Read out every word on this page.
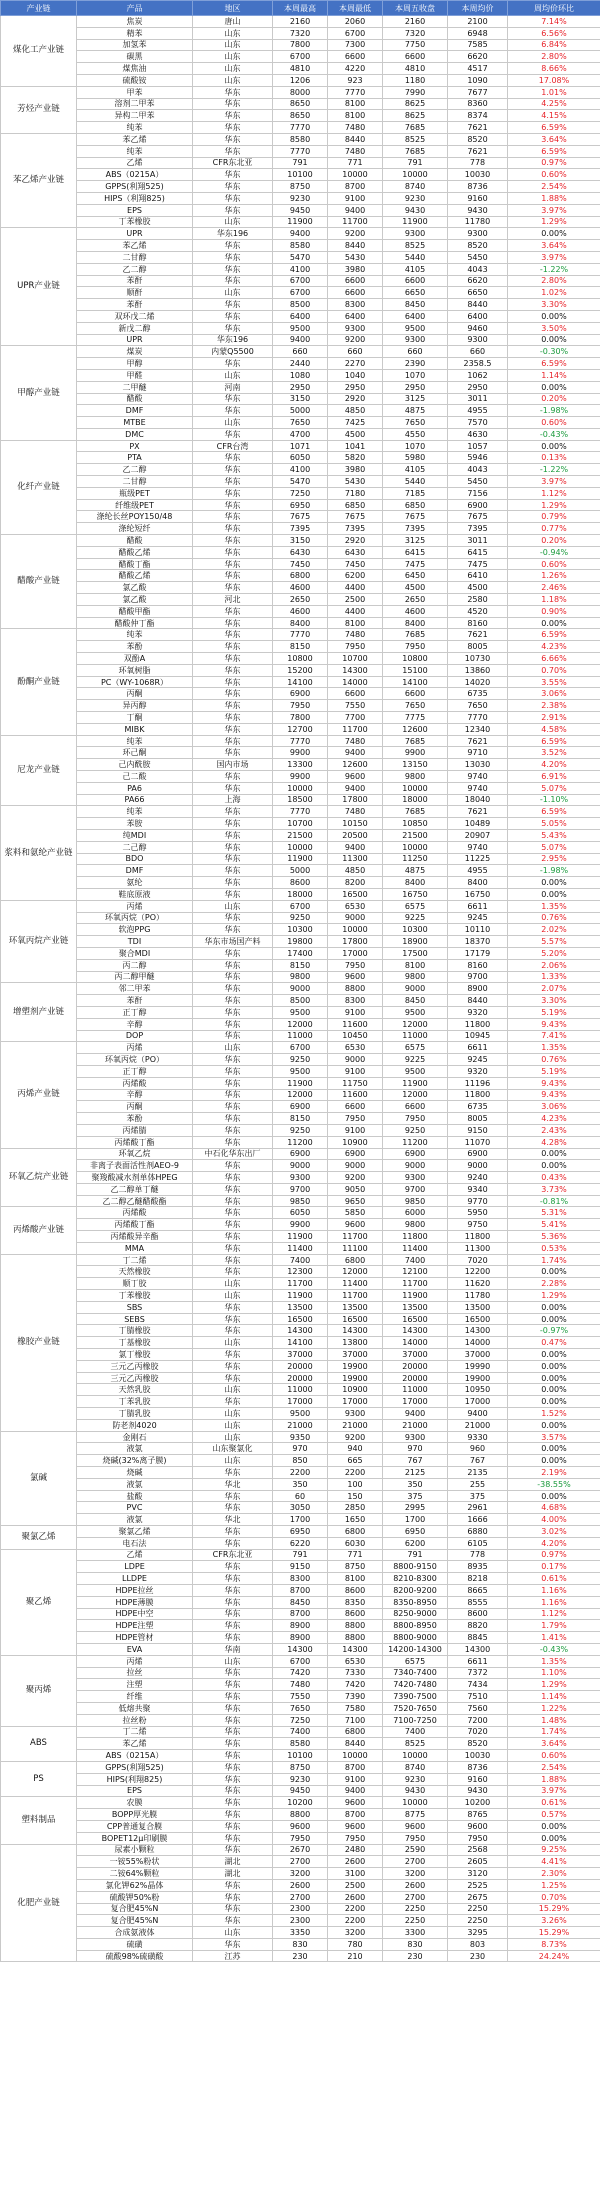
产业链	产品	地区	本周最高	本周最低	本周五收盘	本周均价	周均价环比
煤化工产业链	焦炭	唐山	2160	2060	2160	2100	7.14%
	精苯	山东	7320	6700	7320	6948	6.56%
	加氢苯	山东	7800	7300	7750	7585	6.84%
	碳黑	山东	6700	6600	6600	6620	2.80%
	煤焦油	山东	4810	4220	4810	4517	8.66%
	硫酸铵	山东	1206	923	1180	1090	17.08%
芳烃产业链	甲苯	华东	8000	7770	7990	7677	1.01%
	溶剂二甲苯	华东	8650	8100	8625	8360	4.25%
	异构二甲苯	华东	8650	8100	8625	8374	4.15%
	纯苯	华东	7770	7480	7685	7621	6.59%
苯乙烯产业链	苯乙烯	华东	8580	8440	8525	8520	3.64%
	纯苯	华东	7770	7480	7685	7621	6.59%
	乙烯	CFR东北亚	791	771	791	778	0.97%
	ABS（0215A）	华东	10100	10000	10000	10030	0.60%
	GPPS(利翔525)	华东	8750	8700	8740	8736	2.54%
	HIPS（利翔825)	华东	9230	9100	9230	9160	1.88%
	EPS	华东	9450	9400	9430	9430	3.97%
	丁苯橡胶	山东	11900	11700	11900	11780	1.29%
UPR产业链	UPR	华东196	9400	9200	9300	9300	0.00%
	苯乙烯	华东	8580	8440	8525	8520	3.64%
	二甘醇	华东	5470	5430	5440	5450	3.97%
	乙二醇	华东	4100	3980	4105	4043	-1.22%
	苯酐	华东	6700	6600	6600	6620	2.80%
	顺酐	山东	6700	6600	6650	6650	1.02%
	苯酐	华东	8500	8300	8450	8440	3.30%
	双环戊二烯	华东	6400	6400	6400	6400	0.00%
	新戊二醇	华东	9500	9300	9500	9460	3.50%
	UPR	华东196	9400	9200	9300	9300	0.00%
甲醇产业链	煤炭	内蒙Q5500	660	660	660	660	-0.30%
	甲醇	华东	2440	2270	2390	2358.5	6.59%
	甲醛	山东	1080	1040	1070	1062	1.14%
	二甲醚	河南	2950	2950	2950	2950	0.00%
	醋酸	华东	3150	2920	3125	3011	0.20%
	DMF	华东	5000	4850	4875	4955	-1.98%
	MTBE	山东	7650	7425	7650	7570	0.60%
	DMC	华东	4700	4500	4550	4630	-0.43%
化纤产业链	PX	CFR台湾	1071	1041	1070	1057	0.00%
	PTA	华东	6050	5820	5980	5946	0.13%
	乙二醇	华东	4100	3980	4105	4043	-1.22%
	二甘醇	华东	5470	5430	5440	5450	3.97%
	瓶级PET	华东	7250	7180	7185	7156	1.12%
	纤维级PET	华东	6950	6850	6850	6900	1.29%
	涤纶长丝POY150/48	华东	7675	7675	7675	7675	0.79%
	涤纶短纤	华东	7395	7395	7395	7395	0.77%
醋酸产业链	醋酸	华东	3150	2920	3125	3011	0.20%
	醋酸乙烯	华东	6430	6430	6415	6415	-0.94%
	醋酸丁酯	华东	7450	7450	7475	7475	0.60%
	醋酸乙烯	华东	6800	6200	6450	6410	1.26%
	氯乙酸	华东	4600	4400	4500	4500	2.46%
	氯乙酸	河北	2650	2500	2650	2580	1.18%
	醋酸甲酯	华东	4600	4400	4600	4520	0.90%
	醋酸仲丁酯	华东	8400	8100	8400	8160	0.00%
酚酮产业链	纯苯	华东	7770	7480	7685	7621	6.59%
	苯酚	华东	8150	7950	7950	8005	4.23%
	双酚A	华东	10800	10700	10800	10730	6.66%
	环氧树脂	华东	15200	14300	15100	13860	0.70%
	PC（WY-1068R）	华东	14100	14000	14100	14020	3.55%
	丙酮	华东	6900	6600	6600	6735	3.06%
	异丙醇	华东	7950	7550	7650	7650	2.38%
	丁酮	华东	7800	7700	7775	7770	2.91%
	MIBK	华东	12700	11700	12600	12340	4.58%
尼龙产业链	纯苯	华东	7770	7480	7685	7621	6.59%
	环己酮	华东	9900	9400	9900	9710	3.52%
	己内酰胺	国内市场	13300	12600	13150	13030	4.20%
	己二酸	华东	9900	9600	9800	9740	6.91%
	PA6	华东	10000	9400	10000	9740	5.07%
	PA66	上海	18500	17800	18000	18040	-1.10%
浆料和氨纶产业链	纯苯	华东	7770	7480	7685	7621	6.59%
	苯胺	华东	10700	10150	10850	10489	5.05%
	纯MDI	华东	21500	20500	21500	20907	5.43%
	二己醇	华东	10000	9400	10000	9740	5.07%
	BDO	华东	11900	11300	11250	11225	2.95%
	DMF	华东	5000	4850	4875	4955	-1.98%
	氨纶	华东	8600	8200	8400	8400	0.00%
	鞋底原液	华东	18000	16500	16750	16750	0.00%
环氧丙烷产业链	丙烯	山东	6700	6530	6575	6611	1.35%
	环氧丙烷（PO）	华东	9250	9000	9225	9245	0.76%
	软泡PPG	华东	10300	10000	10300	10110	2.02%
	TDI	华东市场国产料	19800	17800	18900	18370	5.57%
	聚合MDI	华东	17400	17000	17500	17179	5.20%
	丙二醇	华东	8150	7950	8100	8160	2.06%
	丙二醇甲醚	华东	9800	9600	9800	9700	1.33%
增塑剂产业链	邻二甲苯	华东	9000	8800	9000	8900	2.07%
	苯酐	华东	8500	8300	8450	8440	3.30%
	正丁醇	华东	9500	9100	9500	9320	5.19%
	辛醇	华东	12000	11600	12000	11800	9.43%
	DOP	华东	11000	10450	11000	10945	7.41%
丙烯产业链	丙烯	山东	6700	6530	6575	6611	1.35%
	环氧丙烷（PO）	华东	9250	9000	9225	9245	0.76%
	正丁醇	华东	9500	9100	9500	9320	5.19%
	丙烯酸	华东	11900	11750	11900	11196	9.43%
	辛醇	华东	12000	11600	12000	11800	9.43%
	丙酮	华东	6900	6600	6600	6735	3.06%
	苯酚	华东	8150	7950	7950	8005	4.23%
	丙烯腈	华东	9250	9100	9250	9150	2.43%
	丙烯酸丁酯	华东	11200	10900	11200	11070	4.28%
环氧乙烷产业链	环氧乙烷	中石化华东出厂	6900	6900	6900	6900	0.00%
	非离子表面活性剂AEO-9	华东	9000	9000	9000	9000	0.00%
	聚羧酸减水剂单体HPEG	华东	9300	9200	9300	9240	0.43%
	乙二醇单丁醚	华东	9700	9050	9700	9340	3.73%
	乙二醇乙醚醋酸酯	华东	9850	9650	9850	9770	-0.81%
丙烯酸产业链	丙烯酸	华东	6050	5850	6000	5950	5.31%
	丙烯酸丁酯	华东	9900	9600	9800	9750	5.41%
	丙烯酸异辛酯	华东	11900	11700	11800	11800	5.36%
	MMA	华东	11400	11100	11400	11300	0.53%
橡胶产业链	丁二烯	华东	7400	6800	7400	7020	1.74%
	天然橡胶	华东	12300	12000	12100	12200	0.00%
	顺丁胶	山东	11700	11400	11700	11620	2.28%
	丁苯橡胶	山东	11900	11700	11900	11780	1.29%
	SBS	华东	13500	13500	13500	13500	0.00%
	SEBS	华东	16500	16500	16500	16500	0.00%
	丁腈橡胶	华东	14300	14300	14300	14300	-0.97%
	丁基橡胶	山东	14100	13800	14000	14000	0.47%
	氯丁橡胶	华东	37000	37000	37000	37000	0.00%
	三元乙丙橡胶	华东	20000	19900	20000	19990	0.00%
	三元乙丙橡胶	华东	20000	19900	20000	19900	0.00%
	天然乳胶	山东	11000	10900	11000	10950	0.00%
	丁苯乳胶	华东	17000	17000	17000	17000	0.00%
	丁腈乳胶	山东	9500	9300	9400	9400	1.52%
	防老剂4020	山东	21000	21000	21000	21000	0.00%
氯碱	金刚石	山东	9350	9200	9300	9330	3.57%
	液氯	山东聚氯化	970	940	970	960	0.00%
	烧碱(32%离子膜)	山东	850	665	767	767	0.00%
	烧碱	华东	2200	2200	2125	2135	2.19%
	液氯	华北	350	100	350	255	-38.55%
	盐酸	华东	60	150	375	375	0.00%
	PVC	华东	3050	2850	2995	2961	4.68%
	液氯	华北	1700	1650	1700	1666	4.00%
聚氯乙烯	聚氯乙烯	华东	6950	6800	6950	6880	3.02%
	电石法	华东	6220	6030	6200	6105	4.20%
聚乙烯	乙烯	CFR东北亚	791	771	791	778	0.97%
	LDPE	华东	9150	8750	8800-9150	8935	0.17%
	LLDPE	华东	8300	8100	8210-8300	8218	0.61%
	HDPE拉丝	华东	8700	8600	8200-9200	8665	1.16%
	HDPE薄膜	华东	8450	8350	8350-8950	8555	1.16%
	HDPE中空	华东	8700	8600	8250-9000	8600	1.12%
	HDPE注塑	华东	8900	8800	8800-8950	8820	1.79%
	HDPE管材	华东	8900	8800	8800-9000	8845	1.41%
	EVA	华南	14300	14300	14200-14300	14300	-0.43%
聚丙烯	丙烯	山东	6700	6530	6575	6611	1.35%
	拉丝	华东	7420	7330	7340-7400	7372	1.10%
	注塑	华东	7480	7420	7420-7480	7434	1.29%
	纤维	华东	7550	7390	7390-7500	7510	1.14%
	低熔共聚	华东	7650	7580	7520-7650	7560	1.22%
	拉丝粉	华东	7250	7100	7100-7250	7200	1.48%
ABS	丁二烯	华东	7400	6800	7400	7020	1.74%
	苯乙烯	华东	8580	8440	8525	8520	3.64%
	ABS（0215A）	华东	10100	10000	10000	10030	0.60%
PS	GPPS(利翔525)	华东	8750	8700	8740	8736	2.54%
	HIPS(利翔825)	华东	9230	9100	9230	9160	1.88%
	EPS	华东	9450	9400	9430	9430	3.97%
塑料制品	农膜	华东	10200	9600	10000	10200	0.61%
	BOPP厚光膜	华东	8800	8700	8775	8765	0.57%
	CPP普通复合膜	华东	9600	9600	9600	9600	0.00%
	BOPET12μ印刷膜	华东	7950	7950	7950	7950	0.00%
化肥产业链	尿素小颗粒	华东	2670	2480	2590	2568	9.25%
	一铵55%粉状	湖北	2700	2600	2700	2605	4.41%
	二铵64%颗粒	湖北	3200	3100	3200	3120	2.30%
	氯化钾62%晶体	华东	2600	2500	2600	2525	1.25%
	硫酸钾50%粉	华东	2700	2600	2700	2675	0.70%
	复合肥45%N	华东	2300	2200	2250	2250	15.29%
	复合肥45%N	华东	2300	2200	2250	2250	3.26%
	合成氨液体	山东	3350	3200	3300	3295	15.29%
	硫磺	华东	830	780	830	803	8.73%
	硫酸98%硫磺酸	江苏	230	210	230	230	24.24%
